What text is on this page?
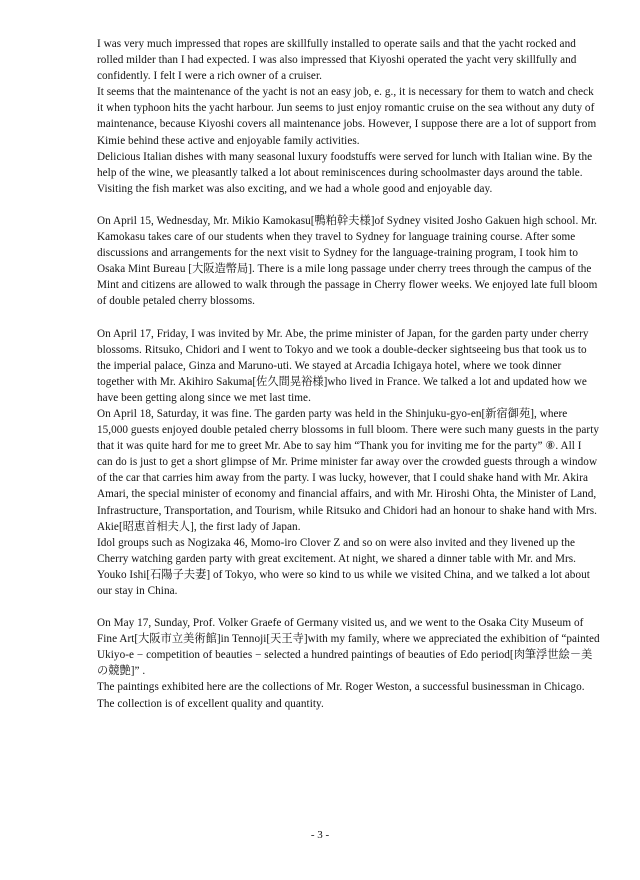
I was very much impressed that ropes are skillfully installed to operate sails and that the yacht rocked and rolled milder than I had expected. I was also impressed that Kiyoshi operated the yacht very skillfully and confidently. I felt I were a rich owner of a cruiser.

It seems that the maintenance of the yacht is not an easy job, e. g., it is necessary for them to watch and check it when typhoon hits the yacht harbour. Jun seems to just enjoy romantic cruise on the sea without any duty of maintenance, because Kiyoshi covers all maintenance jobs. However, I suppose there are a lot of support from Kimie behind these active and enjoyable family activities.

Delicious Italian dishes with many seasonal luxury foodstuffs were served for lunch with Italian wine. By the help of the wine, we pleasantly talked a lot about reminiscences during schoolmaster days around the table. Visiting the fish market was also exciting, and we had a whole good and enjoyable day.

On April 15, Wednesday, Mr. Mikio Kamokasu[鴨粕幹夫様]of Sydney visited Josho Gakuen high school. Mr. Kamokasu takes care of our students when they travel to Sydney for language training course. After some discussions and arrangements for the next visit to Sydney for the language-training program, I took him to Osaka Mint Bureau [大阪造幣局]. There is a mile long passage under cherry trees through the campus of the Mint and citizens are allowed to walk through the passage in Cherry flower weeks. We enjoyed late full bloom of double petaled cherry blossoms.

On April 17, Friday, I was invited by Mr. Abe, the prime minister of Japan, for the garden party under cherry blossoms. Ritsuko, Chidori and I went to Tokyo and we took a double-decker sightseeing bus that took us to the imperial palace, Ginza and Maruno-uti. We stayed at Arcadia Ichigaya hotel, where we took dinner together with Mr. Akihiro Sakuma[佐久間晃裕様]who lived in France. We talked a lot and updated how we have been getting along since we met last time.

On April 18, Saturday, it was fine. The garden party was held in the Shinjuku-gyo-en[新宿御苑], where 15,000 guests enjoyed double petaled cherry blossoms in full bloom. There were such many guests in the party that it was quite hard for me to greet Mr. Abe to say him “Thank you for inviting me for the party” ⑧. All I can do is just to get a short glimpse of Mr. Prime minister far away over the crowded guests through a window of the car that carries him away from the party. I was lucky, however, that I could shake hand with Mr. Akira Amari, the special minister of economy and financial affairs, and with Mr. Hiroshi Ohta, the Minister of Land, Infrastructure, Transportation, and Tourism, while Ritsuko and Chidori had an honour to shake hand with Mrs. Akie[昭恵首相夫人], the first lady of Japan.

Idol groups such as Nogizaka 46, Momo-iro Clover Z and so on were also invited and they livened up the Cherry watching garden party with great excitement. At night, we shared a dinner table with Mr. and Mrs. Youko Ishi[石陽子夫妻] of Tokyo, who were so kind to us while we visited China, and we talked a lot about our stay in China.

On May 17, Sunday, Prof. Volker Graefe of Germany visited us, and we went to the Osaka City Museum of Fine Art[大阪市立美術館]in Tennoji[天王寺]with my family, where we appreciated the exhibition of “painted Ukiyo-e − competition of beauties − selected a hundred paintings of beauties of Edo period[肉筆浮世絵－美の競艶]” .

The paintings exhibited here are the collections of Mr. Roger Weston, a successful businessman in Chicago. The collection is of excellent quality and quantity.

- 3 -
